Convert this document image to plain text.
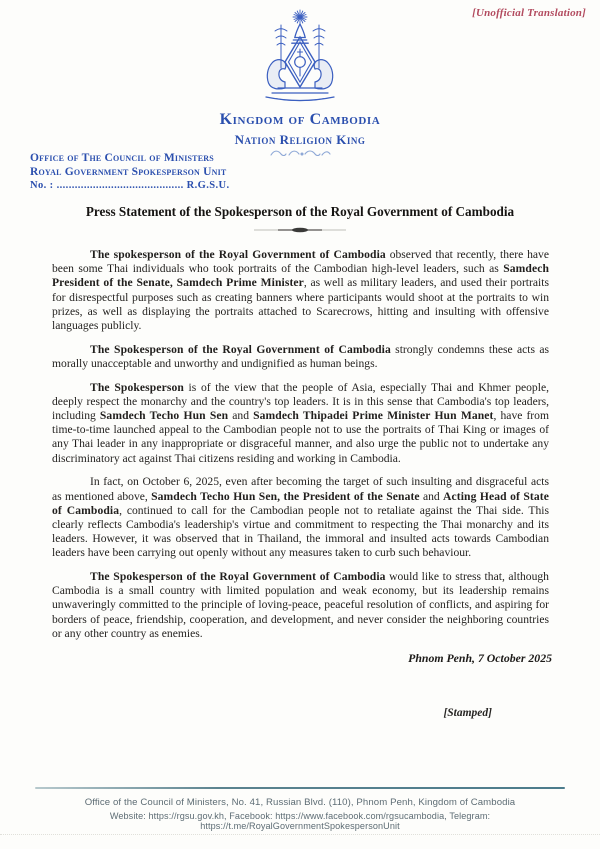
[Unofficial Translation]
Kingdom of Cambodia
Nation Religion King
Office of The Council of Ministers
Royal Government Spokesperson Unit
No. : .......................................... R.G.S.U.
Press Statement of the Spokesperson of the Royal Government of Cambodia

The spokesperson of the Royal Government of Cambodia observed that recently, there have been some Thai individuals who took portraits of the Cambodian high-level leaders, such as Samdech President of the Senate, Samdech Prime Minister, as well as military leaders, and used their portraits for disrespectful purposes such as creating banners where participants would shoot at the portraits to win prizes, as well as displaying the portraits attached to Scarecrows, hitting and insulting with offensive languages publicly.

The Spokesperson of the Royal Government of Cambodia strongly condemns these acts as morally unacceptable and unworthy and undignified as human beings.

The Spokesperson is of the view that the people of Asia, especially Thai and Khmer people, deeply respect the monarchy and the country's top leaders. It is in this sense that Cambodia's top leaders, including Samdech Techo Hun Sen and Samdech Thipadei Prime Minister Hun Manet, have from time-to-time launched appeal to the Cambodian people not to use the portraits of Thai King or images of any Thai leader in any inappropriate or disgraceful manner, and also urge the public not to undertake any discriminatory act against Thai citizens residing and working in Cambodia.

In fact, on October 6, 2025, even after becoming the target of such insulting and disgraceful acts as mentioned above, Samdech Techo Hun Sen, the President of the Senate and Acting Head of State of Cambodia, continued to call for the Cambodian people not to retaliate against the Thai side. This clearly reflects Cambodia's leadership's virtue and commitment to respecting the Thai monarchy and its leaders. However, it was observed that in Thailand, the immoral and insulted acts towards Cambodian leaders have been carrying out openly without any measures taken to curb such behaviour.

The Spokesperson of the Royal Government of Cambodia would like to stress that, although Cambodia is a small country with limited population and weak economy, but its leadership remains unwaveringly committed to the principle of loving-peace, peaceful resolution of conflicts, and aspiring for borders of peace, friendship, cooperation, and development, and never consider the neighboring countries or any other country as enemies.

Phnom Penh, 7 October 2025
[Stamped]
Office of the Council of Ministers, No. 41, Russian Blvd. (110), Phnom Penh, Kingdom of Cambodia
Website: https://rgsu.gov.kh, Facebook: https://www.facebook.com/rgsucambodia, Telegram: https://t.me/RoyalGovernmentSpokespersonUnit
